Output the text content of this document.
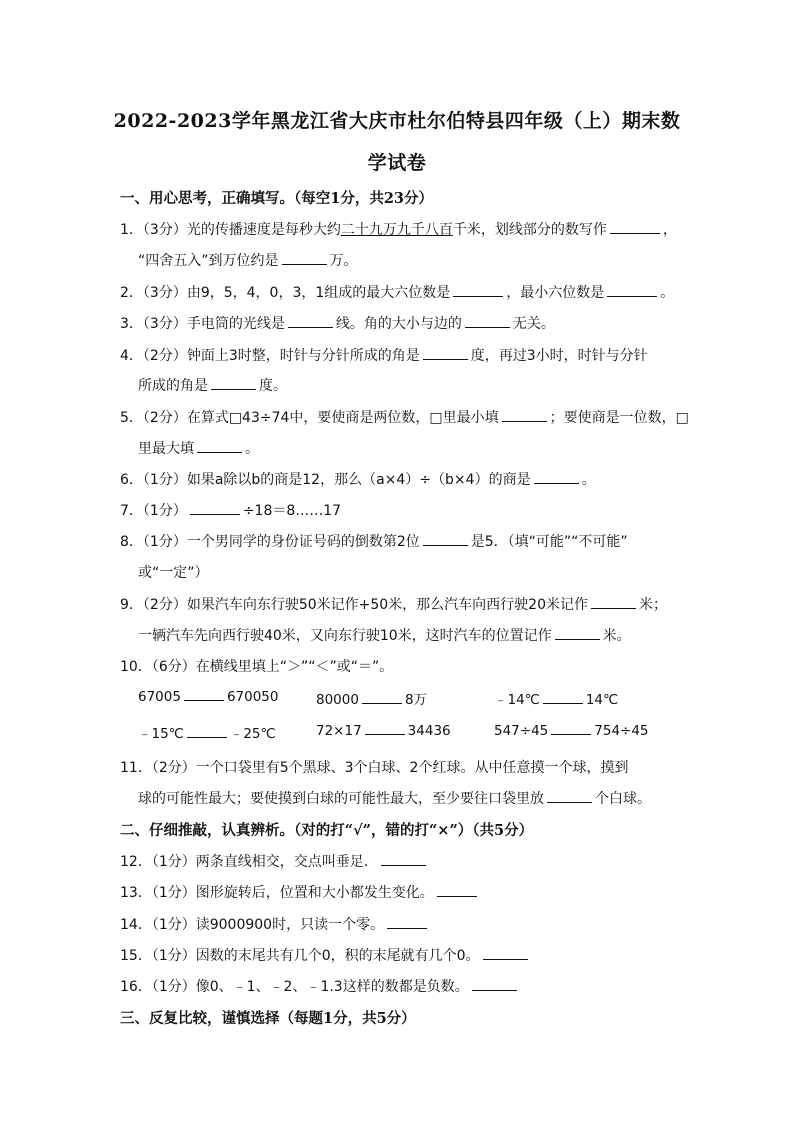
2022-2023学年黑龙江省大庆市杜尔伯特县四年级（上）期末数
学试卷
一、用心思考，正确填写。（每空1分，共23分）
1．（3分）光的传播速度是每秒大约二十九万九千八百千米，划线部分的数写作	，
“四舍五入”到万位约是	万。
2．（3分）由9，5，4，0，3，1组成的最大六位数是	，最小六位数是	。
3．（3分）手电筒的光线是	线。角的大小与边的	无关。
4．（2分）钟面上3时整，时针与分针所成的角是	度，再过3小时，时针与分针
所成的角是	度。
5．（2分）在算式□43÷74中，要使商是两位数，□里最小填	；要使商是一位数，□
里最大填	。
6．（1分）如果a除以b的商是12，那么（a×4）÷（b×4）的商是	。
7．（1分）	÷18＝8……17
8．（1分）一个男同学的身份证号码的倒数第2位	是5．（填“可能”“不可能”
或“一定”）
9．（2分）如果汽车向东行驶50米记作+50米，那么汽车向西行驶20米记作	米；
一辆汽车先向西行驶40米，又向东行驶10米，这时汽车的位置记作	米。
10．（6分）在横线里填上“＞”“＜”或“＝”。
67005	670050	80000	8万	﹣14℃	14℃
﹣15℃	﹣25℃	72×17	34436	547÷45	754÷45
11．（2分）一个口袋里有5个黑球、3个白球、2个红球。从中任意摸一个球，摸到
球的可能性最大；要使摸到白球的可能性最大，至少要往口袋里放	个白球。
二、仔细推敲，认真辨析。（对的打“√”，错的打“×”）（共5分）
12．（1分）两条直线相交，交点叫垂足．
13．（1分）图形旋转后，位置和大小都发生变化。
14．（1分）读9000900时，只读一个零。
15．（1分）因数的末尾共有几个0，积的末尾就有几个0。
16．（1分）像0、﹣1、﹣2、﹣1.3这样的数都是负数。
三、反复比较，谨慎选择（每题1分，共5分）
